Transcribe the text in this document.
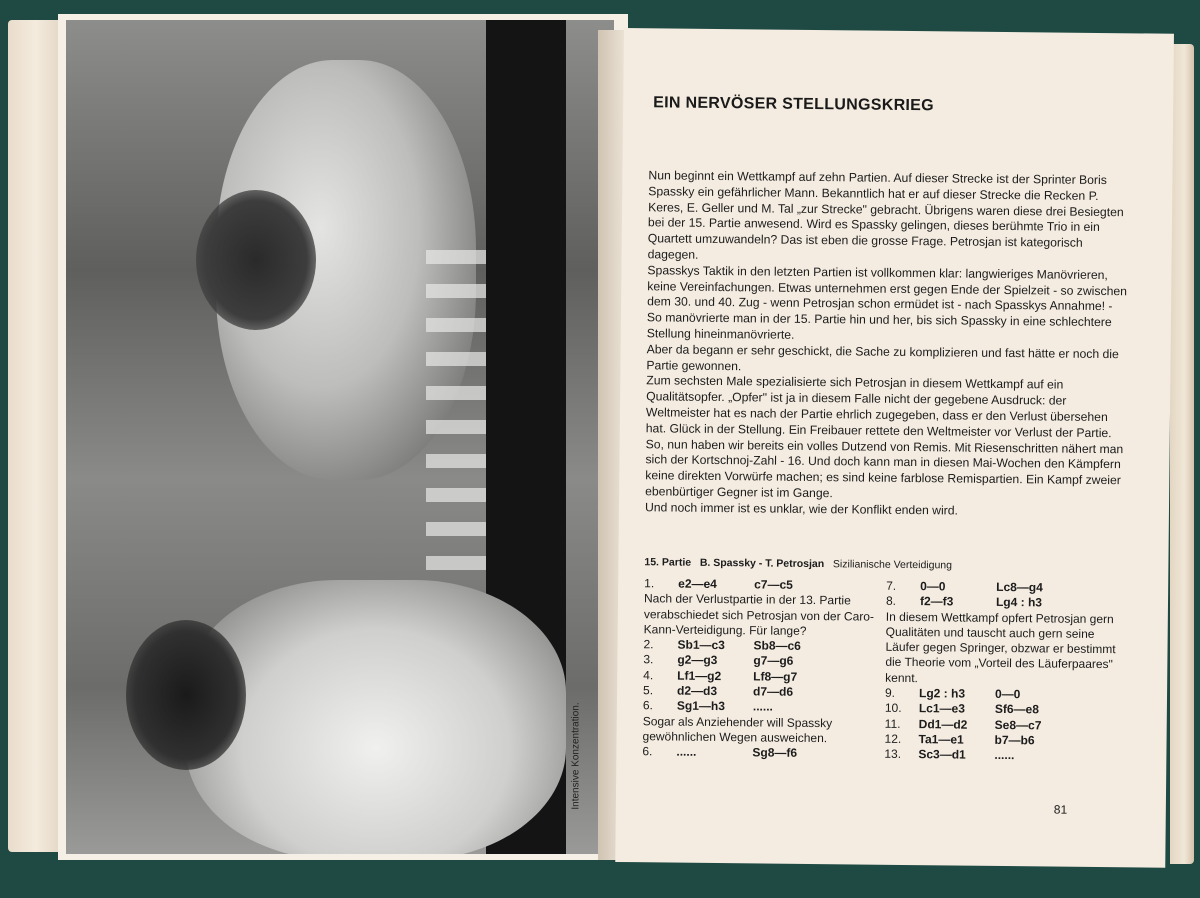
Intensive Konzentration.
EIN NERVÖSER STELLUNGSKRIEG

Nun beginnt ein Wettkampf auf zehn Partien. Auf dieser Strecke ist der Sprinter Boris Spassky ein gefährlicher Mann. Bekanntlich hat er auf dieser Strecke die Recken P. Keres, E. Geller und M. Tal „zur Strecke" gebracht. Übrigens waren diese drei Besiegten bei der 15. Partie anwesend. Wird es Spassky gelingen, dieses berühmte Trio in ein Quartett umzuwandeln? Das ist eben die grosse Frage. Petrosjan ist kategorisch dagegen.

Spasskys Taktik in den letzten Partien ist vollkommen klar: langwieriges Manövrieren, keine Vereinfachungen. Etwas unternehmen erst gegen Ende der Spielzeit - so zwischen dem 30. und 40. Zug - wenn Petrosjan schon ermüdet ist - nach Spasskys Annahme! -

So manövrierte man in der 15. Partie hin und her, bis sich Spassky in eine schlechtere Stellung hineinmanövrierte.

Aber da begann er sehr geschickt, die Sache zu komplizieren und fast hätte er noch die Partie gewonnen.

Zum sechsten Male spezialisierte sich Petrosjan in diesem Wettkampf auf ein Qualitätsopfer. „Opfer" ist ja in diesem Falle nicht der gegebene Ausdruck: der Weltmeister hat es nach der Partie ehrlich zugegeben, dass er den Verlust übersehen hat. Glück in der Stellung. Ein Freibauer rettete den Weltmeister vor Verlust der Partie. So, nun haben wir bereits ein volles Dutzend von Remis. Mit Riesenschritten nähert man sich der Kortschnoj-Zahl - 16. Und doch kann man in diesen Mai-Wochen den Kämpfern keine direkten Vorwürfe machen; es sind keine farblose Remispartien. Ein Kampf zweier ebenbürtiger Gegner ist im Gange.

Und noch immer ist es unklar, wie der Konflikt enden wird.

15. Partie B. Spassky - T. Petrosjan Sizilianische Verteidigung
1.	e2—e4	c7—c5

Nach der Verlustpartie in der 13. Partie verabschiedet sich Petrosjan von der Caro-Kann-Verteidigung. Für lange?

2.	Sb1—c3	Sb8—c6
3.	g2—g3	g7—g6
4.	Lf1—g2	Lf8—g7
5.	d2—d3	d7—d6
6.	Sg1—h3	......

Sogar als Anziehender will Spassky gewöhnlichen Wegen ausweichen.

6.	......	Sg8—f6
7.	0—0	Lc8—g4
8.	f2—f3	Lg4 : h3

In diesem Wettkampf opfert Petrosjan gern Qualitäten und tauscht auch gern seine Läufer gegen Springer, obzwar er bestimmt die Theorie vom „Vorteil des Läuferpaares" kennt.

9.	Lg2 : h3	0—0
10.	Lc1—e3	Sf6—e8
11.	Dd1—d2	Se8—c7
12.	Ta1—e1	b7—b6
13.	Sc3—d1	......
81
